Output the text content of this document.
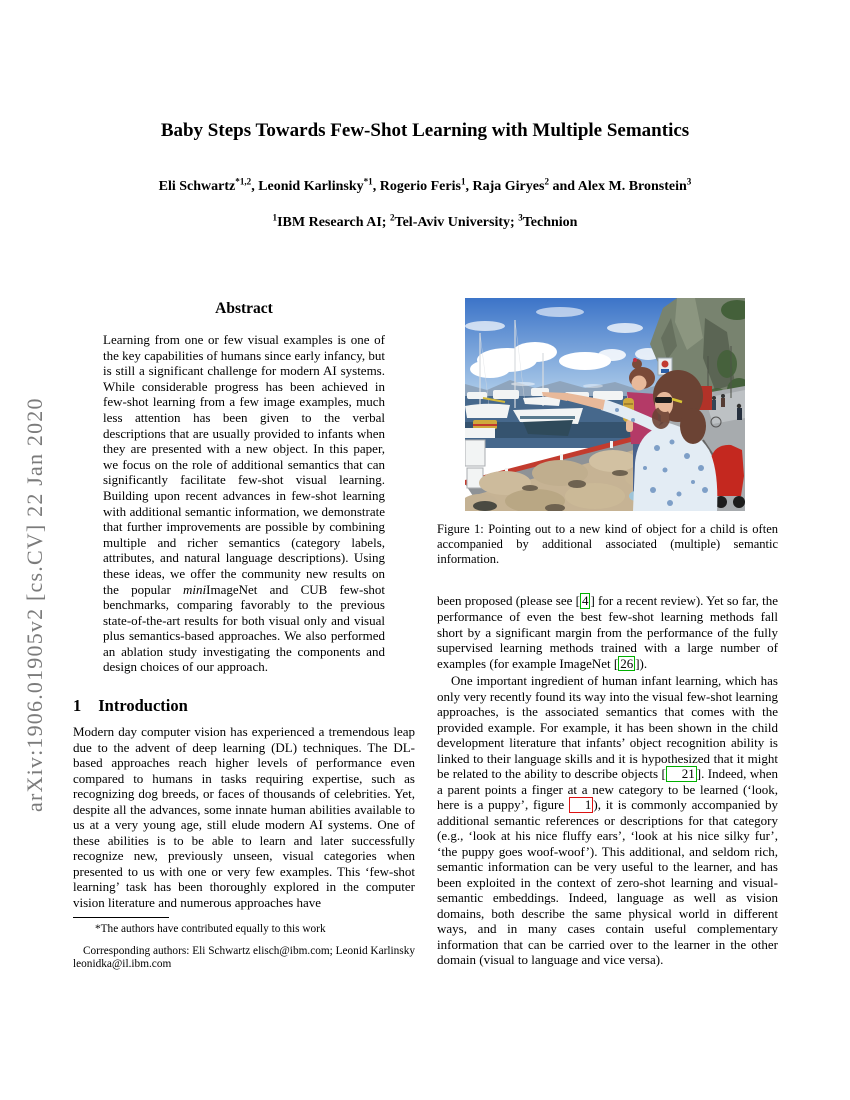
arXiv:1906.01905v2 [cs.CV] 22 Jan 2020
Baby Steps Towards Few-Shot Learning with Multiple Semantics
Eli Schwartz$^{*1,2}$, Leonid Karlinsky$^{*1}$, Rogerio Feris$^1$, Raja Giryes$^2$ and Alex M. Bronstein$^3$
$^1$IBM Research AI; $^2$Tel-Aviv University; $^3$Technion
Abstract
Learning from one or few visual examples is one of the key capabilities of humans since early infancy, but is still a significant challenge for modern AI systems. While considerable progress has been achieved in few-shot learning from a few image examples, much less attention has been given to the verbal descriptions that are usually provided to infants when they are presented with a new object. In this paper, we focus on the role of additional semantics that can significantly facilitate few-shot visual learning. Building upon recent advances in few-shot learning with additional semantic information, we demonstrate that further improvements are possible by combining multiple and richer semantics (category labels, attributes, and natural language descriptions). Using these ideas, we offer the community new results on the popular miniImageNet and CUB few-shot benchmarks, comparing favorably to the previous state-of-the-art results for both visual only and visual plus semantics-based approaches. We also performed an ablation study investigating the components and design choices of our approach.
1 Introduction

Modern day computer vision has experienced a tremendous leap due to the advent of deep learning (DL) techniques. The DL-based approaches reach higher levels of performance even compared to humans in tasks requiring expertise, such as recognizing dog breeds, or faces of thousands of celebrities. Yet, despite all the advances, some innate human abilities available to us at a very young age, still elude modern AI systems. One of these abilities is to be able to learn and later successfully recognize new, previously unseen, visual categories when presented to us with one or very few examples. This ‘few-shot learning’ task has been thoroughly explored in the computer vision literature and numerous approaches have

*The authors have contributed equally to this work

Corresponding authors: Eli Schwartz elisch@ibm.com; Leonid Karlinsky leonidka@il.ibm.com

Figure 1: Pointing out to a new kind of object for a child is often accompanied by additional associated (multiple) semantic information.

been proposed (please see [ 4 ] for a recent review). Yet so far, the performance of even the best few-shot learning methods fall short by a significant margin from the performance of the fully supervised learning methods trained with a large number of examples (for example ImageNet [ 26 ]).

One important ingredient of human infant learning, which has only very recently found its way into the visual few-shot learning approaches, is the associated semantics that comes with the provided example. For example, it has been shown in the child development literature that infants’ object recognition ability is linked to their language skills and it is hypothesized that it might be related to the ability to describe objects [ 21 ]. Indeed, when a parent points a finger at a new category to be learned (‘look, here is a puppy’, figure 1 ), it is commonly accompanied by additional semantic references or descriptions for that category (e.g., ‘look at his nice fluffy ears’, ‘look at his nice silky fur’, ‘the puppy goes woof-woof’). This additional, and seldom rich, semantic information can be very useful to the learner, and has been exploited in the context of zero-shot learning and visual-semantic embeddings. Indeed, language as well as vision domains, both describe the same physical world in different ways, and in many cases contain useful complementary information that can be carried over to the learner in the other domain (visual to language and vice versa).
